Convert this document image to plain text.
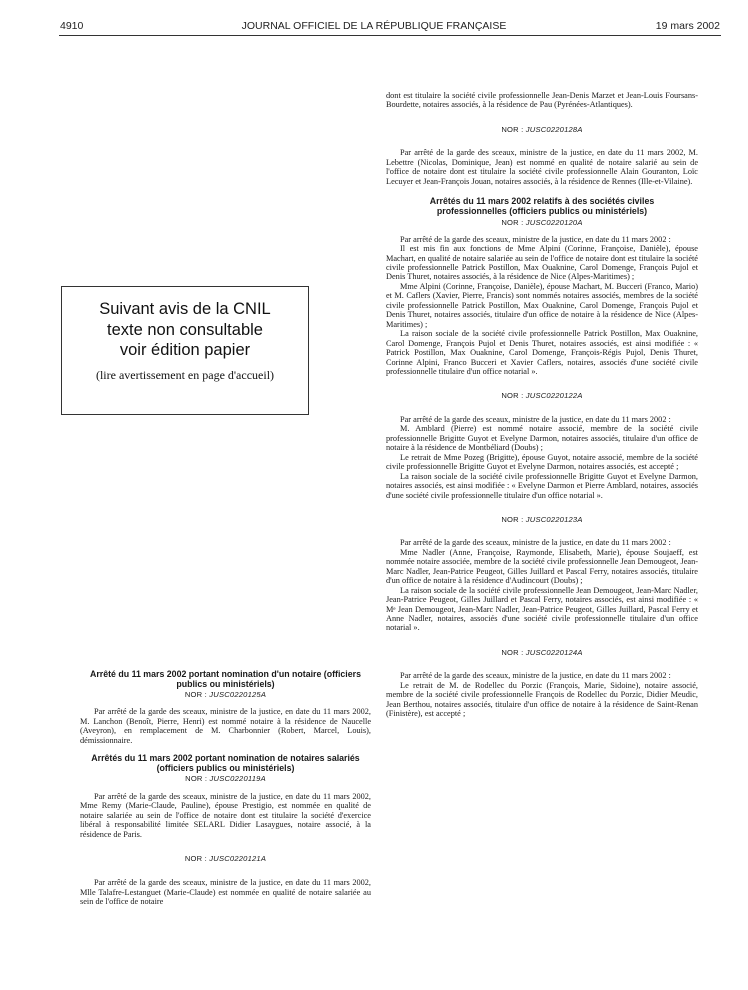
4910	JOURNAL OFFICIEL DE LA RÉPUBLIQUE FRANÇAISE	19 mars 2002
Suivant avis de la CNIL
texte non consultable
voir édition papier
(lire avertissement en page d'accueil)
Arrêté du 11 mars 2002 portant nomination d'un notaire (officiers publics ou ministériels)
NOR : JUSC0220125A

Par arrêté de la garde des sceaux, ministre de la justice, en date du 11 mars 2002, M. Lanchon (Benoît, Pierre, Henri) est nommé notaire à la résidence de Naucelle (Aveyron), en remplacement de M. Charbonnier (Robert, Marcel, Louis), démissionnaire.

Arrêtés du 11 mars 2002 portant nomination de notaires salariés (officiers publics ou ministériels)
NOR : JUSC0220119A

Par arrêté de la garde des sceaux, ministre de la justice, en date du 11 mars 2002, Mme Remy (Marie-Claude, Pauline), épouse Prestigio, est nommée en qualité de notaire salariée au sein de l'office de notaire dont est titulaire la société d'exercice libéral à responsabilité limitée SELARL Didier Lasaygues, notaire associé, à la résidence de Paris.

NOR : JUSC0220121A

Par arrêté de la garde des sceaux, ministre de la justice, en date du 11 mars 2002, Mlle Talafre-Lestanguet (Marie-Claude) est nommée en qualité de notaire salariée au sein de l'office de notaire

dont est titulaire la société civile professionnelle Jean-Denis Marzet et Jean-Louis Foursans-Bourdette, notaires associés, à la résidence de Pau (Pyrénées-Atlantiques).

NOR : JUSC0220128A

Par arrêté de la garde des sceaux, ministre de la justice, en date du 11 mars 2002, M. Lebettre (Nicolas, Dominique, Jean) est nommé en qualité de notaire salarié au sein de l'office de notaire dont est titulaire la société civile professionnelle Alain Gouranton, Loïc Lecuyer et Jean-François Jouan, notaires associés, à la résidence de Rennes (Ille-et-Vilaine).

Arrêtés du 11 mars 2002 relatifs à des sociétés civiles professionnelles (officiers publics ou ministériels)
NOR : JUSC0220120A

Par arrêté de la garde des sceaux, ministre de la justice, en date du 11 mars 2002 :

Il est mis fin aux fonctions de Mme Alpini (Corinne, Françoise, Danièle), épouse Machart, en qualité de notaire salariée au sein de l'office de notaire dont est titulaire la société civile professionnelle Patrick Postillon, Max Ouaknine, Carol Domenge, François Pujol et Denis Thuret, notaires associés, à la résidence de Nice (Alpes-Maritimes) ;

Mme Alpini (Corinne, Françoise, Danièle), épouse Machart, M. Bucceri (Franco, Mario) et M. Caflers (Xavier, Pierre, Francis) sont nommés notaires associés, membres de la société civile professionnelle Patrick Postillon, Max Ouaknine, Carol Domenge, François Pujol et Denis Thuret, notaires associés, titulaire d'un office de notaire à la résidence de Nice (Alpes-Maritimes) ;

La raison sociale de la société civile professionnelle Patrick Postillon, Max Ouaknine, Carol Domenge, François Pujol et Denis Thuret, notaires associés, est ainsi modifiée : « Patrick Postillon, Max Ouaknine, Carol Domenge, François-Régis Pujol, Denis Thuret, Corinne Alpini, Franco Bucceri et Xavier Caflers, notaires, associés d'une société civile professionnelle titulaire d'un office notarial ».

NOR : JUSC0220122A

Par arrêté de la garde des sceaux, ministre de la justice, en date du 11 mars 2002 :

M. Amblard (Pierre) est nommé notaire associé, membre de la société civile professionnelle Brigitte Guyot et Evelyne Darmon, notaires associés, titulaire d'un office de notaire à la résidence de Montbéliard (Doubs) ;

Le retrait de Mme Pozeg (Brigitte), épouse Guyot, notaire associé, membre de la société civile professionnelle Brigitte Guyot et Evelyne Darmon, notaires associés, est accepté ;

La raison sociale de la société civile professionnelle Brigitte Guyot et Evelyne Darmon, notaires associés, est ainsi modifiée : « Evelyne Darmon et Pierre Amblard, notaires, associés d'une société civile professionnelle titulaire d'un office notarial ».

NOR : JUSC0220123A

Par arrêté de la garde des sceaux, ministre de la justice, en date du 11 mars 2002 :

Mme Nadler (Anne, Françoise, Raymonde, Elisabeth, Marie), épouse Soujaeff, est nommée notaire associée, membre de la société civile professionnelle Jean Demougeot, Jean-Marc Nadler, Jean-Patrice Peugeot, Gilles Juillard et Pascal Ferry, notaires associés, titulaire d'un office de notaire à la résidence d'Audincourt (Doubs) ;

La raison sociale de la société civile professionnelle Jean Demougeot, Jean-Marc Nadler, Jean-Patrice Peugeot, Gilles Juillard et Pascal Ferry, notaires associés, est ainsi modifiée : « Mᵉ Jean Demougeot, Jean-Marc Nadler, Jean-Patrice Peugeot, Gilles Juillard, Pascal Ferry et Anne Nadler, notaires, associés d'une société civile professionnelle titulaire d'un office notarial ».

NOR : JUSC0220124A

Par arrêté de la garde des sceaux, ministre de la justice, en date du 11 mars 2002 :

Le retrait de M. de Rodellec du Porzic (François, Marie, Sidoine), notaire associé, membre de la société civile professionnelle François de Rodellec du Porzic, Didier Meudic, Jean Berthou, notaires associés, titulaire d'un office de notaire à la résidence de Saint-Renan (Finistère), est accepté ;
